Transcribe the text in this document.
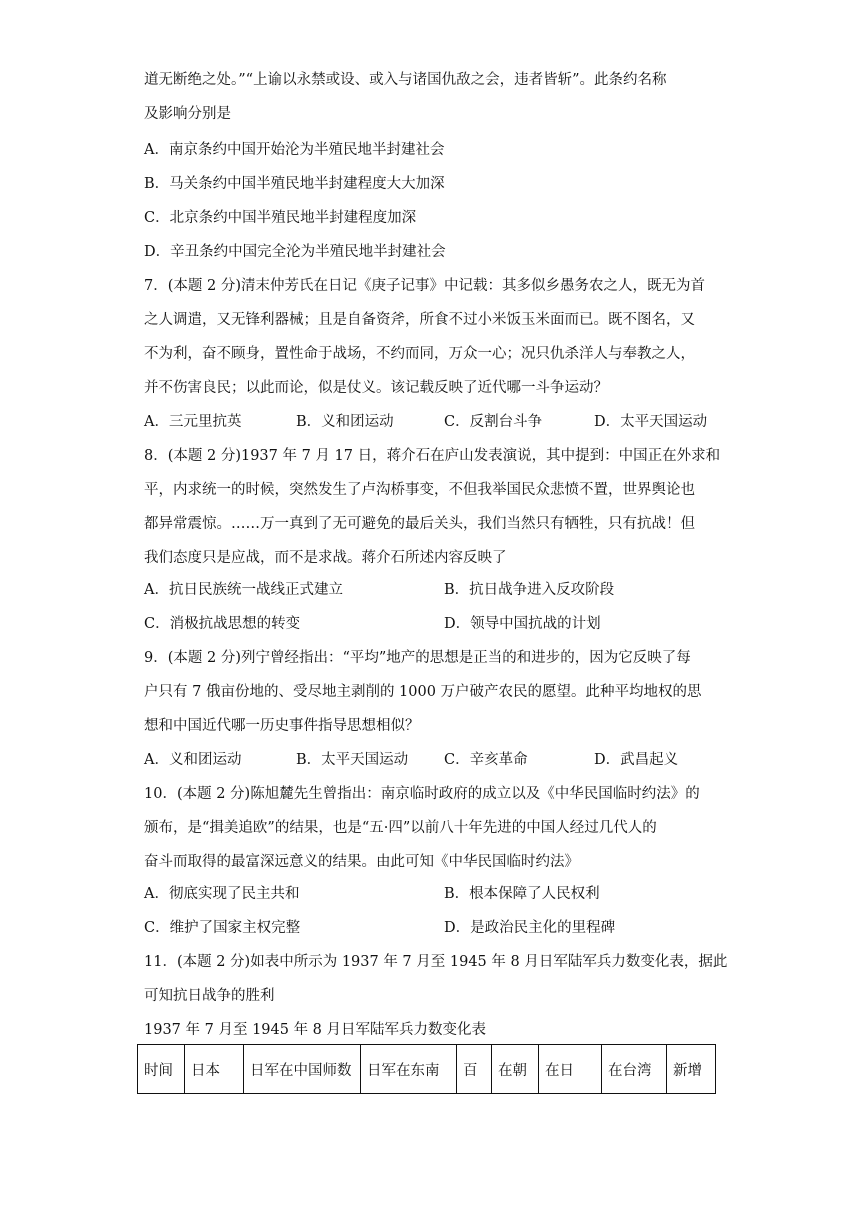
道无断绝之处。”“上谕以永禁或设、或入与诸国仇敌之会，违者皆斩”。此条约名称
及影响分别是
A．南京条约中国开始沦为半殖民地半封建社会
B．马关条约中国半殖民地半封建程度大大加深
C．北京条约中国半殖民地半封建程度加深
D．辛丑条约中国完全沦为半殖民地半封建社会
7．(本题 2 分)清末仲芳氏在日记《庚子记事》中记载：其多似乡愚务农之人，既无为首
之人调遣，又无锋利器械；且是自备资斧，所食不过小米饭玉米面而已。既不图名，又
不为利，奋不顾身，置性命于战场，不约而同，万众一心；况只仇杀洋人与奉教之人，
并不伤害良民；以此而论，似是仗义。该记载反映了近代哪一斗争运动？
A．三元里抗英	B．义和团运动	C．反割台斗争	D．太平天国运动
8．(本题 2 分)1937 年 7 月 17 日，蒋介石在庐山发表演说，其中提到：中国正在外求和
平，内求统一的时候，突然发生了卢沟桥事变，不但我举国民众悲愤不置，世界舆论也
都异常震惊。……万一真到了无可避免的最后关头，我们当然只有牺牲，只有抗战！但
我们态度只是应战，而不是求战。蒋介石所述内容反映了
A．抗日民族统一战线正式建立	B．抗日战争进入反攻阶段
C．消极抗战思想的转变	D．领导中国抗战的计划
9．(本题 2 分)列宁曾经指出：“平均”地产的思想是正当的和进步的，因为它反映了每
户只有 7 俄亩份地的、受尽地主剥削的 1000 万户破产农民的愿望。此种平均地权的思
想和中国近代哪一历史事件指导思想相似？
A．义和团运动	B．太平天国运动 C．辛亥革命	D．武昌起义
10．(本题 2 分)陈旭麓先生曾指出：南京临时政府的成立以及《中华民国临时约法》的
颁布，是“揖美追欧”的结果，也是“五·四”以前八十年先进的中国人经过几代人的
奋斗而取得的最富深远意义的结果。由此可知《中华民国临时约法》
A．彻底实现了民主共和	B．根本保障了人民权利
C．维护了国家主权完整	D．是政治民主化的里程碑
11．(本题 2 分)如表中所示为 1937 年 7 月至 1945 年 8 月日军陆军兵力数变化表，据此
可知抗日战争的胜利
1937 年 7 月至 1945 年 8 月日军陆军兵力数变化表
时间	日本	日军在中国师数	日军在东南	百	在朝	在日	在台湾	新增
